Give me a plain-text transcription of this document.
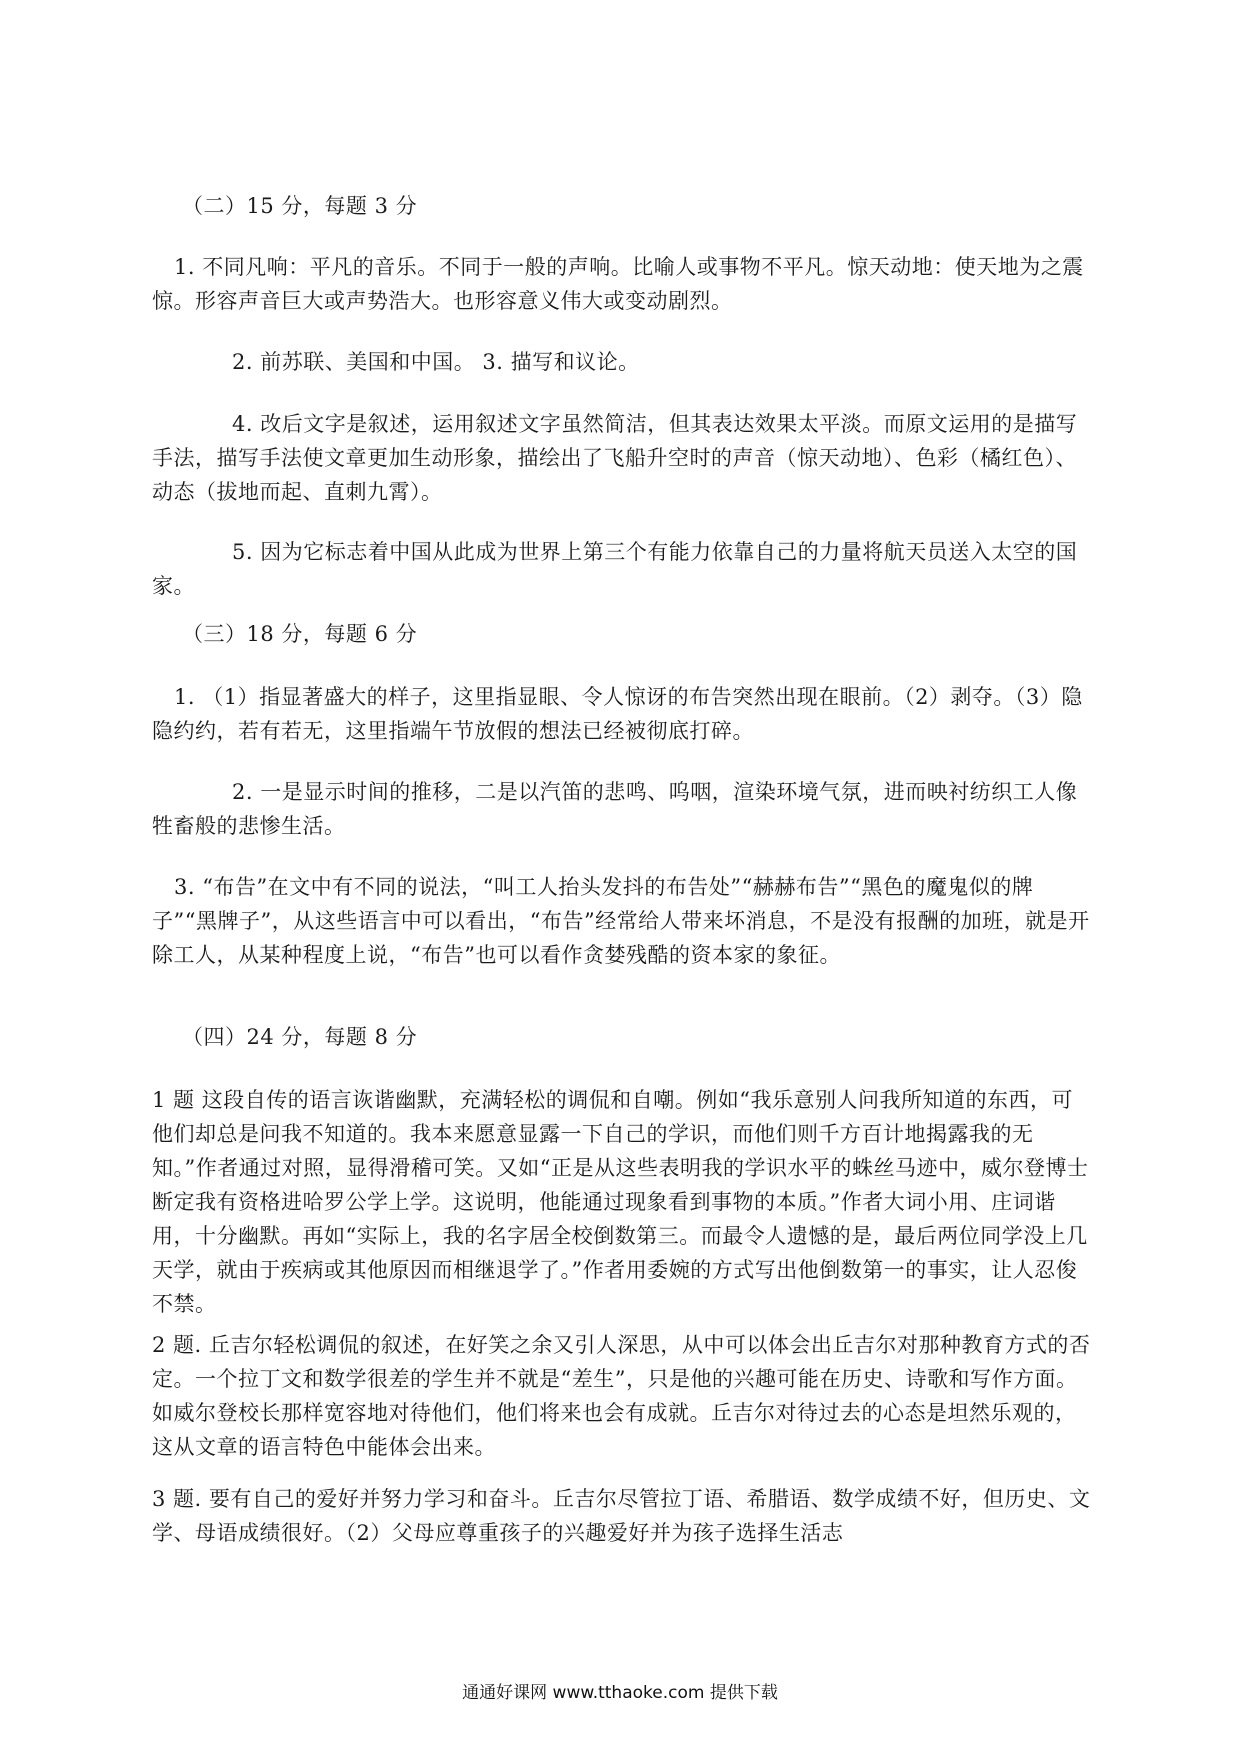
（二）15 分，每题 3 分

1. 不同凡响：平凡的音乐。不同于一般的声响。比喻人或事物不平凡。惊天动地：使天地为之震惊。形容声音巨大或声势浩大。也形容意义伟大或变动剧烈。

2. 前苏联、美国和中国。 3. 描写和议论。

4. 改后文字是叙述，运用叙述文字虽然简洁，但其表达效果太平淡。而原文运用的是描写手法，描写手法使文章更加生动形象，描绘出了飞船升空时的声音（惊天动地）、色彩（橘红色）、动态（拔地而起、直刺九霄）。

5. 因为它标志着中国从此成为世界上第三个有能力依靠自己的力量将航天员送入太空的国家。

（三）18 分，每题 6 分

1. （1）指显著盛大的样子，这里指显眼、令人惊讶的布告突然出现在眼前。（2）剥夺。（3）隐隐约约，若有若无，这里指端午节放假的想法已经被彻底打碎。

2. 一是显示时间的推移，二是以汽笛的悲鸣、呜咽，渲染环境气氛，进而映衬纺织工人像牲畜般的悲惨生活。

3. “布告”在文中有不同的说法，“叫工人抬头发抖的布告处”“赫赫布告”“黑色的魔鬼似的牌子”“黑牌子”，从这些语言中可以看出，“布告”经常给人带来坏消息，不是没有报酬的加班，就是开除工人，从某种程度上说，“布告”也可以看作贪婪残酷的资本家的象征。

（四）24 分，每题 8 分

1 题 这段自传的语言诙谐幽默，充满轻松的调侃和自嘲。例如“我乐意别人问我所知道的东西，可他们却总是问我不知道的。我本来愿意显露一下自己的学识，而他们则千方百计地揭露我的无知。”作者通过对照，显得滑稽可笑。又如“正是从这些表明我的学识水平的蛛丝马迹中，威尔登博士断定我有资格进哈罗公学上学。这说明，他能通过现象看到事物的本质。”作者大词小用、庄词谐用，十分幽默。再如“实际上，我的名字居全校倒数第三。而最令人遗憾的是，最后两位同学没上几天学，就由于疾病或其他原因而相继退学了。”作者用委婉的方式写出他倒数第一的事实，让人忍俊不禁。

2 题. 丘吉尔轻松调侃的叙述，在好笑之余又引人深思，从中可以体会出丘吉尔对那种教育方式的否定。一个拉丁文和数学很差的学生并不就是“差生”，只是他的兴趣可能在历史、诗歌和写作方面。如威尔登校长那样宽容地对待他们，他们将来也会有成就。丘吉尔对待过去的心态是坦然乐观的，这从文章的语言特色中能体会出来。

3 题. 要有自己的爱好并努力学习和奋斗。丘吉尔尽管拉丁语、希腊语、数学成绩不好，但历史、文学、母语成绩很好。（2）父母应尊重孩子的兴趣爱好并为孩子选择生活志

通通好课网 www.tthaoke.com 提供下载
